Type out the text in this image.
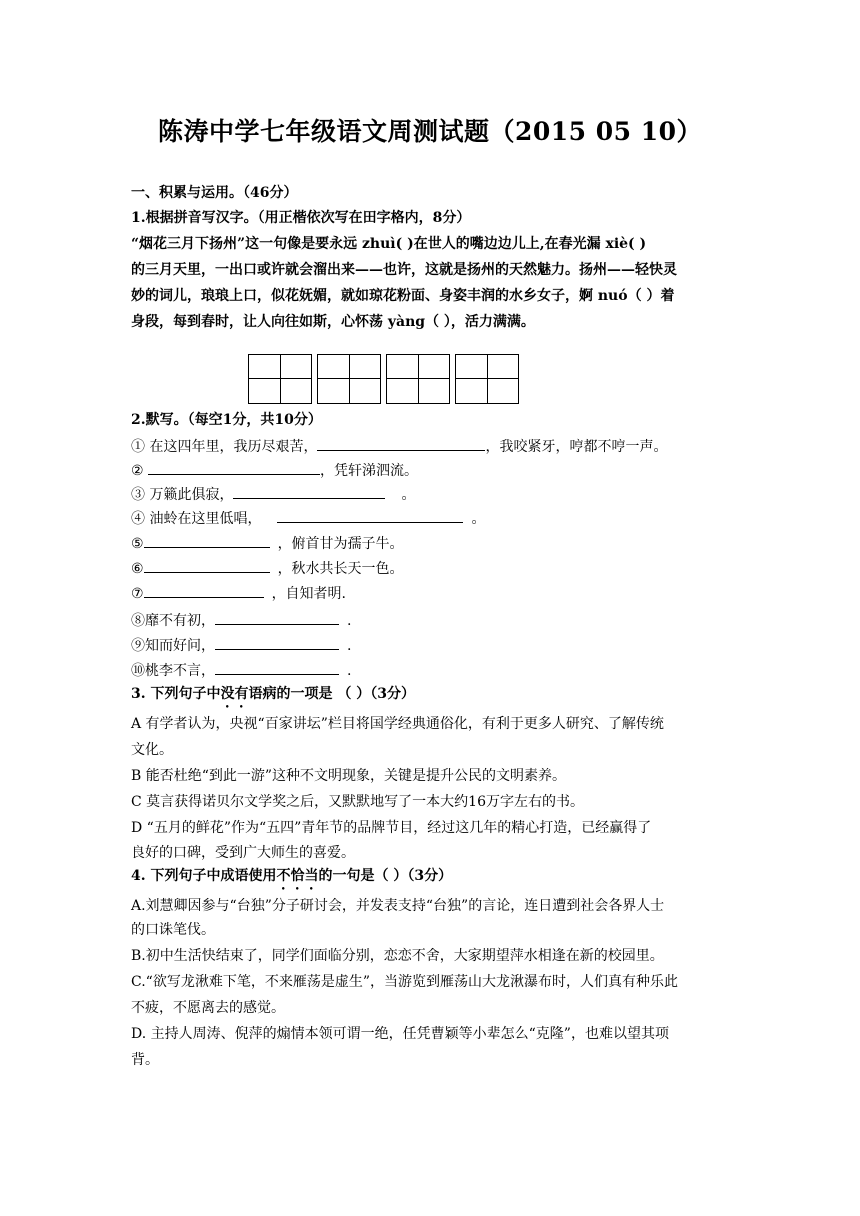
陈涛中学七年级语文周测试题（2015 05 10）
一、积累与运用。（46分）
1.根据拼音写汉字。（用正楷依次写在田字格内，8分）
“烟花三月下扬州”这一句像是要永远 zhuì( )在世人的嘴边边儿上,在春光漏 xiè( )
的三月天里，一出口或许就会溜出来——也许，这就是扬州的天然魅力。扬州——轻快灵
妙的词儿，琅琅上口，似花妩媚，就如琼花粉面、身姿丰润的水乡女子，婀 nuó（ ）着
身段，每到春时，让人向往如斯，心怀荡 yàng（ ），活力满满。
2.默写。（每空1分，共10分）
① 在这四年里，我历尽艰苦，	，我咬紧牙，哼都不哼一声。
②	，凭轩涕泗流。
③ 万籁此俱寂，	。
④ 油蛉在这里低唱，	。
⑤	，俯首甘为孺子牛。
⑥	，秋水共长天一色。
⑦	，自知者明.
⑧靡不有初，	.
⑨知而好问，	.
⑩桃李不言，	.
3. 下列句子中没有语病的一项是 （ ）（3分）
A 有学者认为，央视“百家讲坛”栏目将国学经典通俗化，有利于更多人研究、了解传统
文化。
B 能否杜绝“到此一游”这种不文明现象，关键是提升公民的文明素养。
C 莫言获得诺贝尔文学奖之后，又默默地写了一本大约16万字左右的书。
D “五月的鲜花”作为“五四”青年节的品牌节目，经过这几年的精心打造，已经赢得了
良好的口碑，受到广大师生的喜爱。
4. 下列句子中成语使用不恰当的一句是（ ）（3分）
A.刘慧卿因参与“台独”分子研讨会，并发表支持“台独”的言论，连日遭到社会各界人士
的口诛笔伐。
B.初中生活快结束了，同学们面临分别，恋恋不舍，大家期望萍水相逢在新的校园里。
C.“欲写龙湫难下笔，不来雁荡是虚生”，当游览到雁荡山大龙湫瀑布时，人们真有种乐此
不疲，不愿离去的感觉。
D. 主持人周涛、倪萍的煽情本领可谓一绝，任凭曹颖等小辈怎么“克隆”，也难以望其项
背。
